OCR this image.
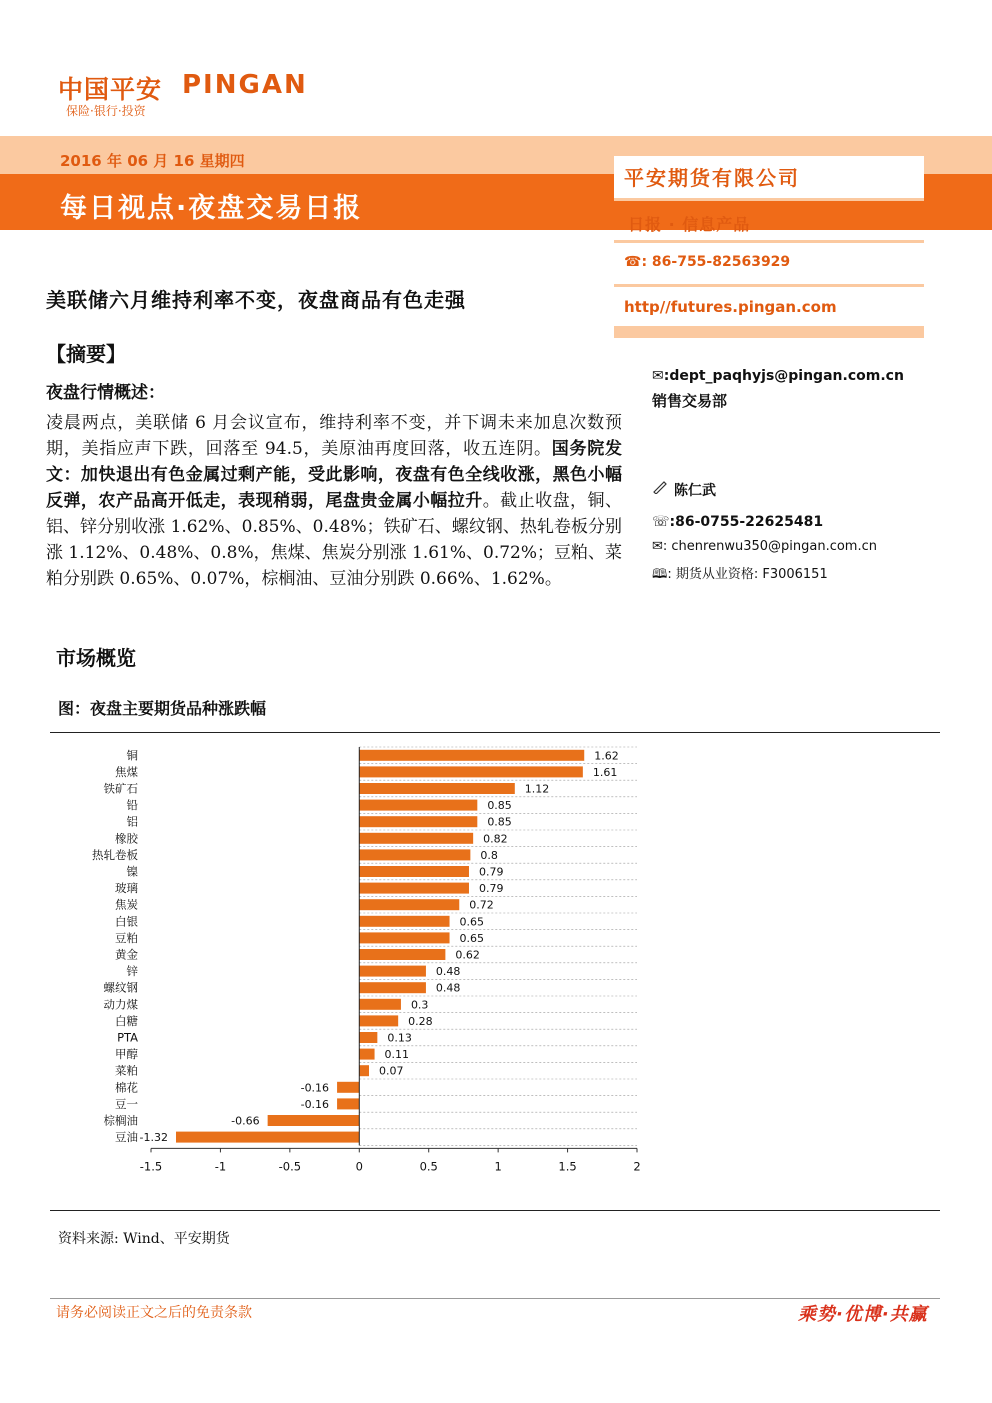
中国平安 PINGAN
保险·银行·投资
2016 年 06 月 16 星期四
每日视点·夜盘交易日报
平安期货有限公司
日报 · 信息产品
☎: 86-755-82563929
http//futures.pingan.com
✉:dept_paqhyjs@pingan.com.cn
销售交易部
陈仁武
☏:86-0755-22625481
✉: chenrenwu350@pingan.com.cn
🕮: 期货从业资格: F3006151
美联储六月维持利率不变，夜盘商品有色走强
【摘要】
夜盘行情概述：
凌晨两点，美联储 6 月会议宣布，维持利率不变，并下调未来加息次数预期，美指应声下跌，回落至 94.5，美原油再度回落，收五连阴。国务院发文：加快退出有色金属过剩产能，受此影响，夜盘有色全线收涨，黑色小幅反弹，农产品高开低走，表现稍弱，尾盘贵金属小幅拉升。截止收盘，铜、铝、锌分别收涨 1.62%、0.85%、0.48%；铁矿石、螺纹钢、热轧卷板分别涨 1.12%、0.48%、0.8%，焦煤、焦炭分别涨 1.61%、0.72%；豆粕、菜粕分别跌 0.65%、0.07%，棕榈油、豆油分别跌 0.66%、1.62%。
市场概览
图：夜盘主要期货品种涨跌幅
铜	1.62
焦煤	1.61
铁矿石	1.12
铅	0.85
铝	0.85
橡胶	0.82
热轧卷板	0.8
镍	0.79
玻璃	0.79
焦炭	0.72
白银	0.65
豆粕	0.65
黄金	0.62
锌	0.48
螺纹钢	0.48
动力煤	0.3
白糖	0.28
PTA	0.13
甲醇	0.11
菜粕	0.07
棉花	-0.16
豆一	-0.16
棕榈油	-0.66
豆油 -1.32
-1.5	-1	-0.5	0	0.5	1	1.5	2
资料来源: Wind、平安期货
请务必阅读正文之后的免责条款	乘势·优博·共赢
